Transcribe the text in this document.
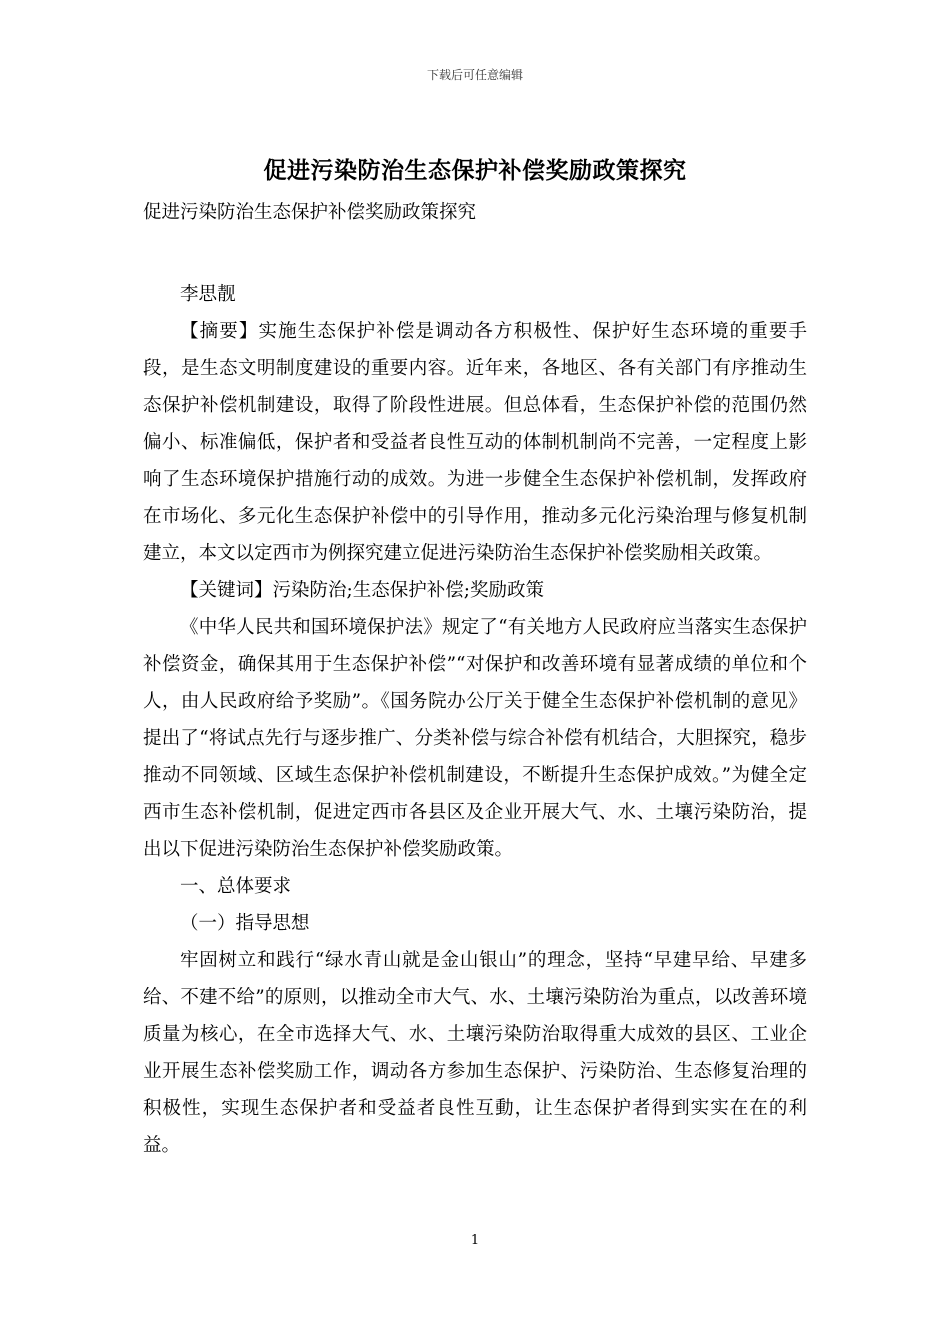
下载后可任意编辑
促进污染防治生态保护补偿奖励政策探究
促进污染防治生态保护补偿奖励政策探究

李思靓

【摘要】实施生态保护补偿是调动各方积极性、保护好生态环境的重要手段，是生态文明制度建设的重要内容。近年来，各地区、各有关部门有序推动生态保护补偿机制建设，取得了阶段性进展。但总体看，生态保护补偿的范围仍然偏小、标准偏低，保护者和受益者良性互动的体制机制尚不完善，一定程度上影响了生态环境保护措施行动的成效。为进一步健全生态保护补偿机制，发挥政府在市场化、多元化生态保护补偿中的引导作用，推动多元化污染治理与修复机制建立，本文以定西市为例探究建立促进污染防治生态保护补偿奖励相关政策。

【关键词】污染防治;生态保护补偿;奖励政策

《中华人民共和国环境保护法》规定了“有关地方人民政府应当落实生态保护补偿资金，确保其用于生态保护补偿”“对保护和改善环境有显著成绩的单位和个人，由人民政府给予奖励”。《国务院办公厅关于健全生态保护补偿机制的意见》提出了“将试点先行与逐步推广、分类补偿与综合补偿有机结合，大胆探究，稳步推动不同领域、区域生态保护补偿机制建设，不断提升生态保护成效。”为健全定西市生态补偿机制，促进定西市各县区及企业开展大气、水、土壤污染防治，提出以下促进污染防治生态保护补偿奖励政策。

一、总体要求

（一）指导思想

牢固树立和践行“绿水青山就是金山银山”的理念，坚持“早建早给、早建多给、不建不给”的原则，以推动全市大气、水、土壤污染防治为重点，以改善环境质量为核心，在全市选择大气、水、土壤污染防治取得重大成效的县区、工业企业开展生态补偿奖励工作，调动各方参加生态保护、污染防治、生态修复治理的积极性，实现生态保护者和受益者良性互動，让生态保护者得到实实在在的利益。

1
